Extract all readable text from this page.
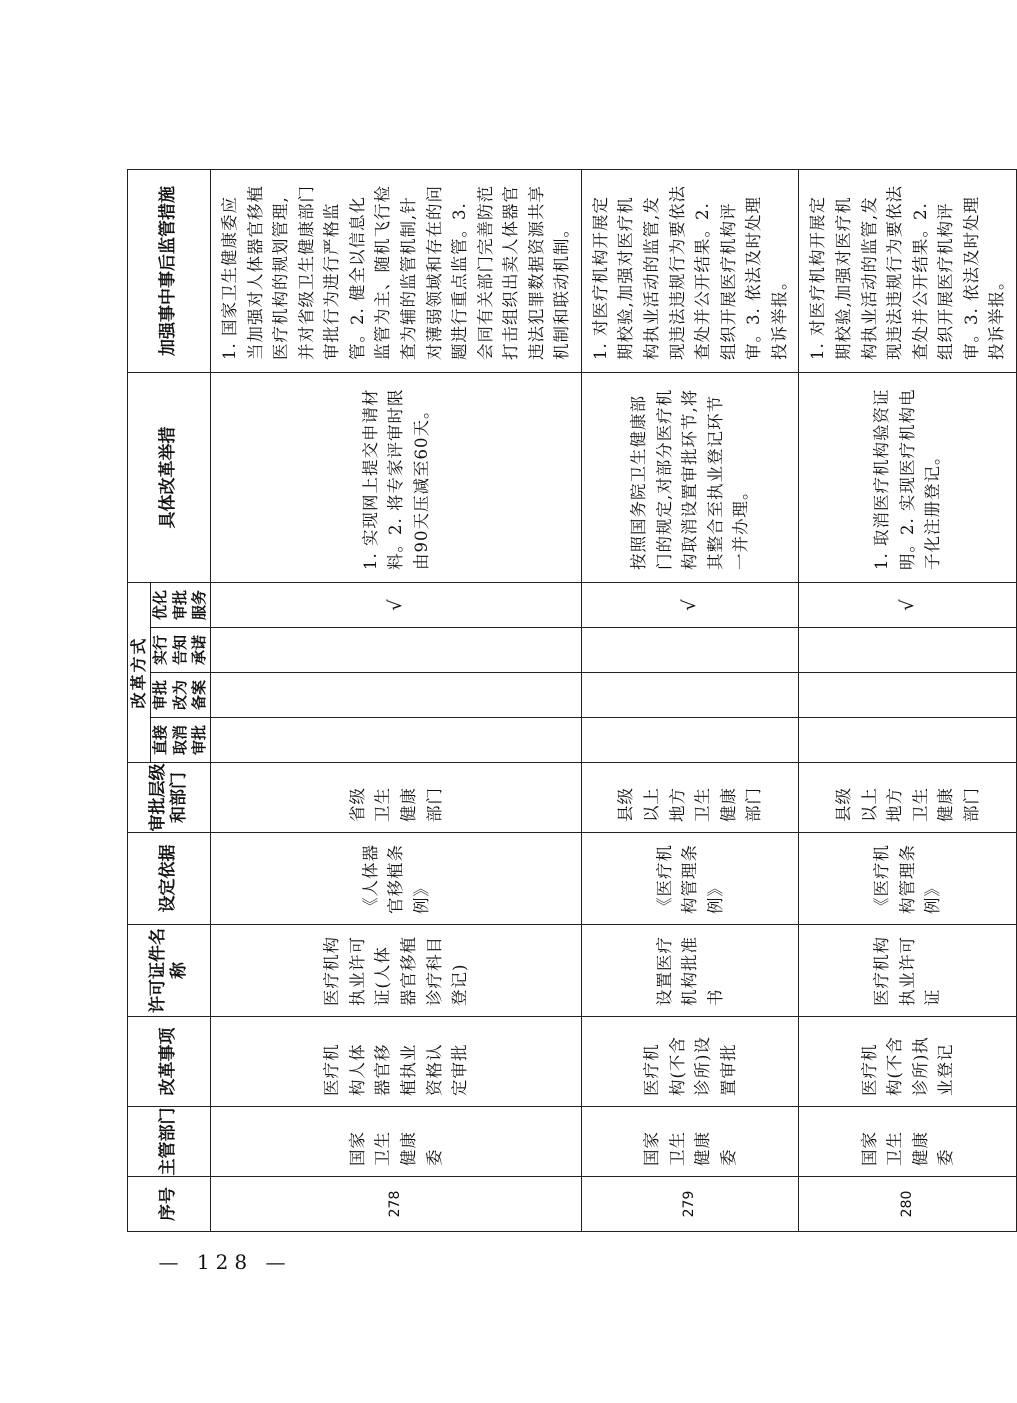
序号	主管部门	改革事项	许可证件名称	设定依据	审批层级和部门	改革方式				具体改革举措	加强事中事后监管措施
						直接取消审批	审批改为备案	实行告知承诺	优化审批服务		
278	国家卫生健康委	医疗机构人体器官移植执业资格认定审批	医疗机构执业许可证(人体器官移植诊疗科目登记)	《人体器官移植条例》	省级卫生健康部门				√	1. 实现网上提交申请材料。2. 将专家评审时限由90天压减至60天。	1. 国家卫生健康委应当加强对人体器官移植医疗机构的规划管理,并对省级卫生健康部门审批行为进行严格监管。2. 健全以信息化监管为主、随机飞行检查为辅的监管机制,针对薄弱领域和存在的问题进行重点监管。3. 会同有关部门完善防范打击组织出卖人体器官违法犯罪数据资源共享机制和联动机制。
279	国家卫生健康委	医疗机构(不含诊所)设置审批	设置医疗机构批准书	《医疗机构管理条例》	县级以上地方卫生健康部门				√	按照国务院卫生健康部门的规定,对部分医疗机构取消设置审批环节,将其整合至执业登记环节一并办理。	1. 对医疗机构开展定期校验,加强对医疗机构执业活动的监管,发现违法违规行为要依法查处并公开结果。2. 组织开展医疗机构评审。3. 依法及时处理投诉举报。
280	国家卫生健康委	医疗机构(不含诊所)执业登记	医疗机构执业许可证	《医疗机构管理条例》	县级以上地方卫生健康部门				√	1. 取消医疗机构验资证明。2. 实现医疗机构电子化注册登记。	1. 对医疗机构开展定期校验,加强对医疗机构执业活动的监管,发现违法违规行为要依法查处并公开结果。2. 组织开展医疗机构评审。3. 依法及时处理投诉举报。
— 128 —
